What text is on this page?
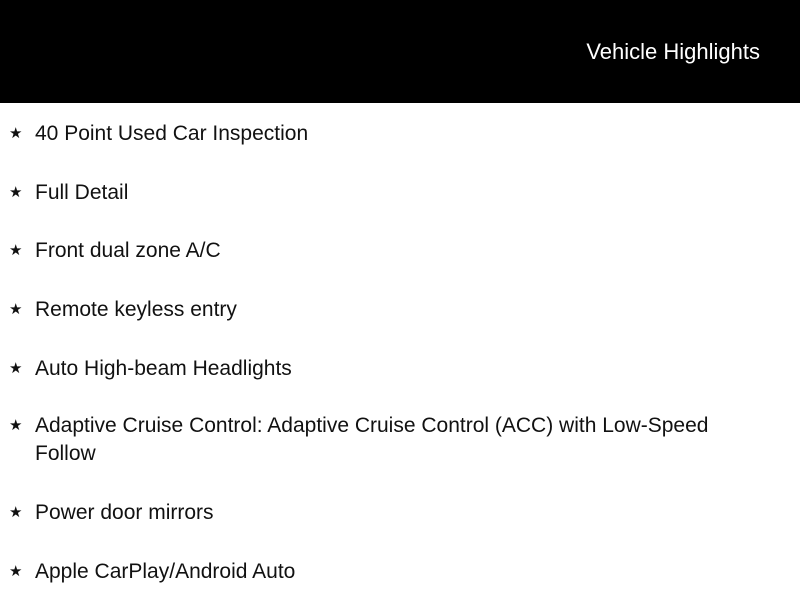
Vehicle Highlights
★ 40 Point Used Car Inspection
★ Full Detail
★ Front dual zone A/C
★ Remote keyless entry
★ Auto High-beam Headlights
★ Adaptive Cruise Control: Adaptive Cruise Control (ACC) with Low-Speed Follow
★ Power door mirrors
★ Apple CarPlay/Android Auto
